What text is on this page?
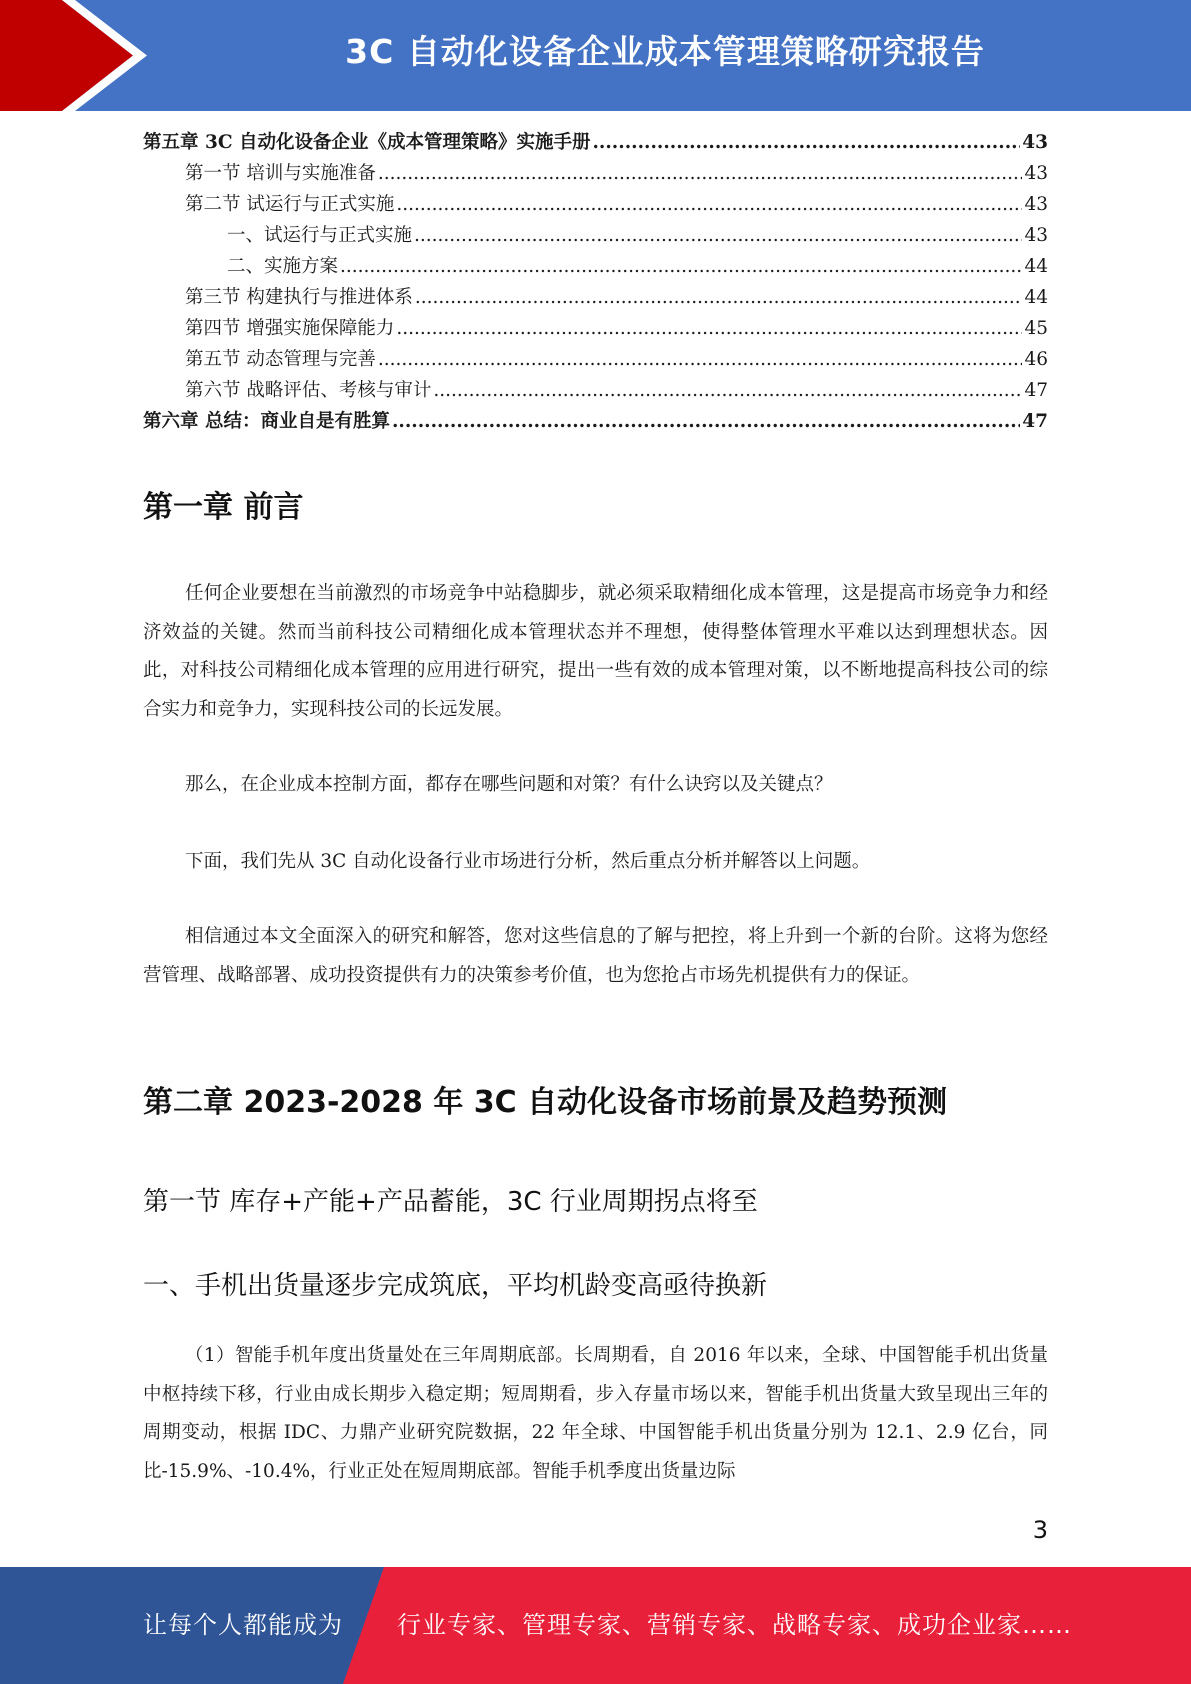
3C 自动化设备企业成本管理策略研究报告
第五章 3C 自动化设备企业《成本管理策略》实施手册 .....	43
第一节 培训与实施准备 .....	43
第二节 试运行与正式实施 .....	43
一、试运行与正式实施 .....	43
二、实施方案 .....	44
第三节 构建执行与推进体系 .....	44
第四节 增强实施保障能力 .....	45
第五节 动态管理与完善 .....	46
第六节 战略评估、考核与审计 .....	47
第六章 总结：商业自是有胜算 .....	47
第一章 前言
任何企业要想在当前激烈的市场竞争中站稳脚步，就必须采取精细化成本管理，这是提高市场竞争力和经济效益的关键。然而当前科技公司精细化成本管理状态并不理想，使得整体管理水平难以达到理想状态。因此，对科技公司精细化成本管理的应用进行研究，提出一些有效的成本管理对策，以不断地提高科技公司的综合实力和竞争力，实现科技公司的长远发展。
那么，在企业成本控制方面，都存在哪些问题和对策？有什么诀窍以及关键点？
下面，我们先从 3C 自动化设备行业市场进行分析，然后重点分析并解答以上问题。
相信通过本文全面深入的研究和解答，您对这些信息的了解与把控，将上升到一个新的台阶。这将为您经营管理、战略部署、成功投资提供有力的决策参考价值，也为您抢占市场先机提供有力的保证。
第二章 2023-2028 年 3C 自动化设备市场前景及趋势预测
第一节 库存+产能+产品蓄能，3C 行业周期拐点将至
一、手机出货量逐步完成筑底，平均机龄变高亟待换新
（1）智能手机年度出货量处在三年周期底部。长周期看，自 2016 年以来，全球、中国智能手机出货量中枢持续下移，行业由成长期步入稳定期；短周期看，步入存量市场以来，智能手机出货量大致呈现出三年的周期变动，根据 IDC、力鼎产业研究院数据，22 年全球、中国智能手机出货量分别为 12.1、2.9 亿台，同比-15.9%、-10.4%，行业正处在短周期底部。智能手机季度出货量边际
3
让每个人都能成为 行业专家、管理专家、营销专家、战略专家、成功企业家……
